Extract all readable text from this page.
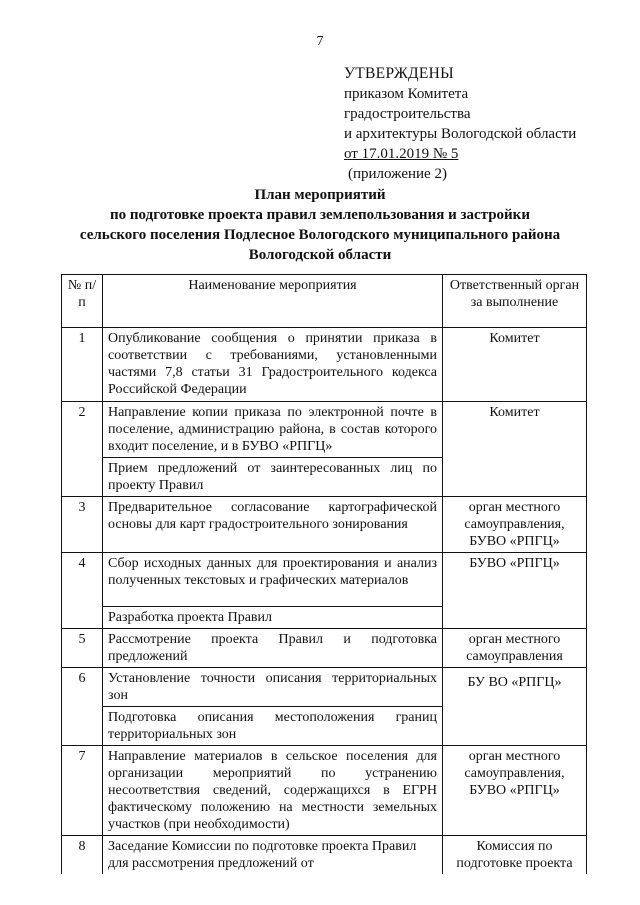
7
УТВЕРЖДЕНЫ
приказом Комитета
градостроительства
и архитектуры Вологодской области
от 17.01.2019 № 5
(приложение 2)
План мероприятий
по подготовке проекта правил землепользования и застройки
сельского поселения Подлесное Вологодского муниципального района
Вологодской области
№ п/п	Наименование мероприятия	Ответственный орган за выполнение
1	Опубликование сообщения о принятии приказа в соответствии с требованиями, установленными частями 7,8 статьи 31 Градостроительного кодекса Российской Федерации	Комитет
2	Направление копии приказа по электронной почте в поселение, администрацию района, в состав которого входит поселение, и в БУВО «РПГЦ»	Комитет
	Прием предложений от заинтересованных лиц по проекту Правил	
3	Предварительное согласование картографической основы для карт градостроительного зонирования	орган местного самоуправления, БУВО «РПГЦ»
4	Сбор исходных данных для проектирования и анализ полученных текстовых и графических материалов	БУВО «РПГЦ»
	Разработка проекта Правил	
5	Рассмотрение проекта Правил и подготовка предложений	орган местного самоуправления
6	Установление точности описания территориальных зон	БУ ВО «РПГЦ»
	Подготовка описания местоположения границ территориальных зон	
7	Направление материалов в сельское поселения для организации мероприятий по устранению несоответствия сведений, содержащихся в ЕГРН фактическому положению на местности земельных участков (при необходимости)	орган местного самоуправления, БУВО «РПГЦ»
8	Заседание Комиссии по подготовке проекта Правил для рассмотрения предложений от	Комиссия по подготовке проекта
